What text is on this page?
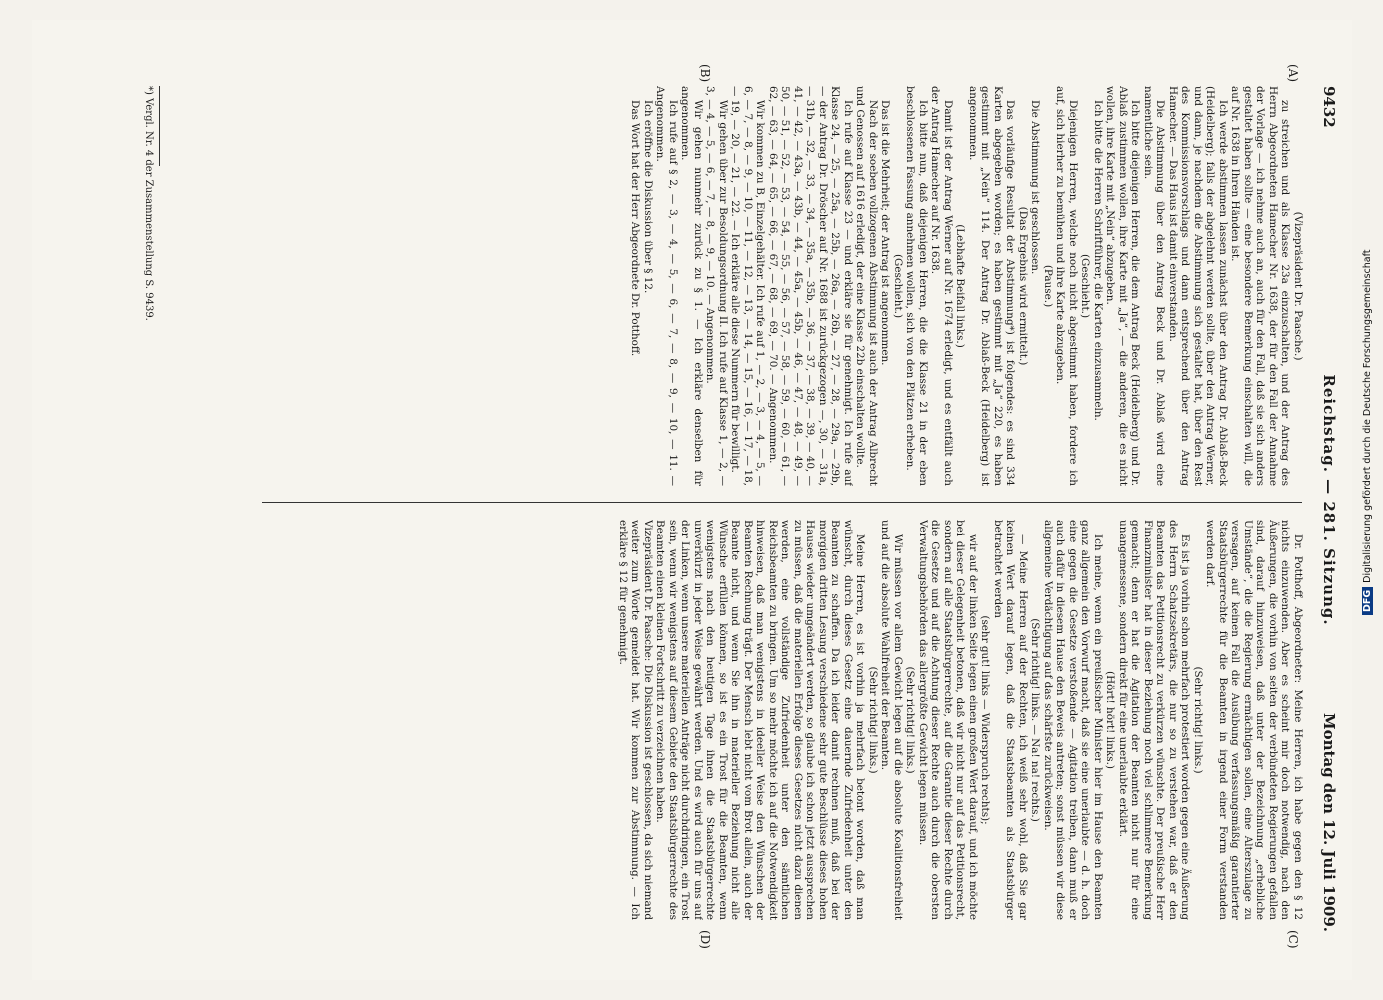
9432
Reichstag. — 281. Sitzung.
Montag den 12. Juli 1909.
(A)
(B)
(C)
(D)

(Vizepräsident Dr. Paasche.)

zu streichen und als Klasse 23a einzuschalten, und der Antrag des Herrn Abgeordneten Hamecher Nr. 1638, der für den Fall der Annahme der Vorlage — ich nehme auch an, auch für den Fall, daß sie sich anders gestaltet haben sollte — eine besondere Bemerkung einschalten will, die auf Nr. 1638 in Ihren Händen ist.

Ich werde abstimmen lassen zunächst über den Antrag Dr. Ablaß-Beck (Heidelberg); falls der abgelehnt werden sollte, über den Antrag Werner, und dann, je nachdem die Abstimmung sich gestaltet hat, über den Rest des Kommissionsvorschlags und dann entsprechend über den Antrag Hamecher. — Das Haus ist damit einverstanden.

Die Abstimmung über den Antrag Beck und Dr. Ablaß wird eine namentliche sein.

Ich bitte diejenigen Herren, die dem Antrag Beck (Heidelberg) und Dr. Ablaß zustimmen wollen, ihre Karte mit „Ja“, — die anderen, die es nicht wollen, ihre Karte mit „Nein“ abzugeben.

Ich bitte die Herren Schriftführer, die Karten einzusammeln.

(Geschieht.)

Diejenigen Herren, welche noch nicht abgestimmt haben, fordere ich auf, sich hierher zu bemühen und ihre Karte abzugeben.

(Pause.)

Die Abstimmung ist geschlossen.

(Das Ergebnis wird ermittelt.)

Das vorläufige Resultat der Abstimmung*) ist folgendes: es sind 334 Karten abgegeben worden; es haben gestimmt mit „Ja“ 220, es haben gestimmt mit „Nein“ 114. Der Antrag Dr. Ablaß-Beck (Heidelberg) ist angenommen.

(Lebhafte Beifall links.)

Damit ist der Antrag Werner auf Nr. 1674 erledigt, und es entfällt auch der Antrag Hamecher auf Nr. 1638.

Ich bitte nun, daß diejenigen Herren, die die Klasse 21 in der eben beschlossenen Fassung annehmen wollen, sich von den Plätzen erheben.

(Geschieht.)

Das ist die Mehrheit; der Antrag ist angenommen.

Nach der soeben vollzogenen Abstimmung ist auch der Antrag Albrecht und Genossen auf 1616 erledigt, der eine Klasse 22b einschalten wollte.

Ich rufe auf Klasse 23 — und erkläre sie für genehmigt. Ich rufe auf Klasse 24, — 25, — 25a, — 25b, — 26a, — 26b, — 27, — 28, — 29a, — 29b, — der Antrag Dr. Dröscher auf Nr. 1688 ist zurückgezogen —, 30, — 31a, — 31b, — 32, — 33, — 34, — 35a, — 35b, — 36, — 37, — 38, — 39, — 40, — 41, — 42, — 43a, — 43b, — 44, — 45a, — 45b, — 46, — 47, — 48, — 49, — 50, — 51, — 52, — 53, — 54, — 55, — 56, — 57, — 58, — 59, — 60, — 61, — 62, — 63, — 64, — 65, — 66, — 67, — 68, — 69, — 70. — Angenommen.

Wir kommen zu B, Einzelgehälter. Ich rufe auf 1, — 2, — 3, — 4, — 5, — 6, — 7, — 8, — 9, — 10, — 11, — 12, — 13, — 14, — 15, — 16, — 17, — 18, — 19, — 20, — 21, — 22. — Ich erkläre alle diese Nummern für bewilligt.

Wir gehen über zur Besoldungsordnung II. Ich rufe auf Klasse 1, — 2, — 3, — 4, — 5, — 6, — 7, — 8, — 9, — 10. — Angenommen.

Wir gehen nunmehr zurück zu § 1. — Ich erkläre denselben für angenommen.

Ich rufe auf § 2, — 3, — 4, — 5, — 6, — 7, — 8, — 9, — 10, — 11. — Angenommen.

Ich eröffne die Diskussion über § 12.

Das Wort hat der Herr Abgeordnete Dr. Potthoff.

Dr. Potthoff, Abgeordneter: Meine Herren, ich habe gegen den § 12 nichts einzuwenden. Aber es scheint mir doch notwendig, nach den Äußerungen, die vorhin von seiten der verbündeten Regierungen gefallen sind, darauf hinzuweisen, daß unter der Bezeichnung „erhebliche Umstände“, die die Regierung ermächtigen sollen, eine Alterszulage zu versagen, auf keinen Fall die Ausübung verfassungsmäßig garantierter Staatsbürgerrechte für die Beamten in irgend einer Form verstanden werden darf.

(Sehr richtig! links.)

Es ist ja vorhin schon mehrfach protestiert worden gegen eine Äußerung des Herrn Schatzsekretärs, die nur so zu verstehen war, daß er den Beamten das Petitionsrecht zu verkürzen wünschte. Der preußische Herr Finanzminister hat in dieser Beziehung noch viel schlimmere Bemerkung gemacht; denn er hat die Agitation der Beamten nicht nur für eine unangemessene, sondern direkt für eine unerlaubte erklärt.

(Hört! hört! links.)

Ich meine, wenn ein preußischer Minister hier im Hause den Beamten ganz allgemein den Vorwurf macht, daß sie eine unerlaubte — d. h. doch eine gegen die Gesetze verstoßende — Agitation treiben, dann muß er auch dafür in diesem Hause den Beweis antreten; sonst müssen wir diese allgemeine Verdächtigung auf das schärfste zurückweisen.

(Sehr richtig! links. — Na! na! rechts.)

— Meine Herren auf der Rechten, ich weiß sehr wohl, daß Sie gar keinen Wert darauf legen, daß die Staatsbeamten als Staatsbürger betrachtet werden

(sehr gut! links — Widerspruch rechts);

wir auf der linken Seite legen einen großen Wert darauf, und ich möchte bei dieser Gelegenheit betonen, daß wir nicht nur auf das Petitionsrecht, sondern auf alle Staatsbürgerrechte, auf die Garantie dieser Rechte durch die Gesetze und auf die Achtung dieser Rechte auch durch die obersten Verwaltungsbehörden das allergrößte Gewicht legen müssen.

(Sehr richtig! links.)

Wir müssen vor allem Gewicht legen auf die absolute Koalitionsfreiheit und auf die absolute Wahlfreiheit der Beamten.

(Sehr richtig! links.)

Meine Herren, es ist vorhin ja mehrfach betont worden, daß man wünscht, durch dieses Gesetz eine dauernde Zufriedenheit unter den Beamten zu schaffen. Da ich leider damit rechnen muß, daß bei der morgigen dritten Lesung verschiedene sehr gute Beschlüsse dieses hohen Hauses wieder umgeändert werden, so glaube ich schon jetzt aussprechen zu müssen, daß die materiellen Erfolge dieses Gesetzes nicht dazu dienen werden, eine vollständige Zufriedenheit unter den sämtlichen Reichsbeamten zu bringen. Um so mehr möchte ich auf die Notwendigkeit hinweisen, daß man wenigstens in ideeller Weise den Wünschen der Beamten Rechnung trägt. Der Mensch lebt nicht vom Brot allein, auch der Beamte nicht, und wenn Sie ihn in materieller Beziehung nicht alle Wünsche erfüllen können, so ist es ein Trost für die Beamten, wenn wenigstens nach den heutigen Tage ihnen die Staatsbürgerrechte unverkürzt in jeder Weise gewährt werden. Und es wird auch für uns auf der Linken, wenn unsere materiellen Anträge nicht durchdringen, ein Trost sein, wenn wir wenigstens auf diesem Gebiete den Staatsbürgerrechte des Beamten einen kleinen Fortschritt zu verzeichnen haben.

Vizepräsident Dr. Paasche: Die Diskussion ist geschlossen, da sich niemand weiter zum Worte gemeldet hat. Wir kommen zur Abstimmung. — Ich erkläre § 12 für genehmigt.

*) Vergl. Nr. 4 der Zusammenstellung S. 9439.
DFGDigitalisierung gefördert durch die Deutsche Forschungsgemeinschaft
